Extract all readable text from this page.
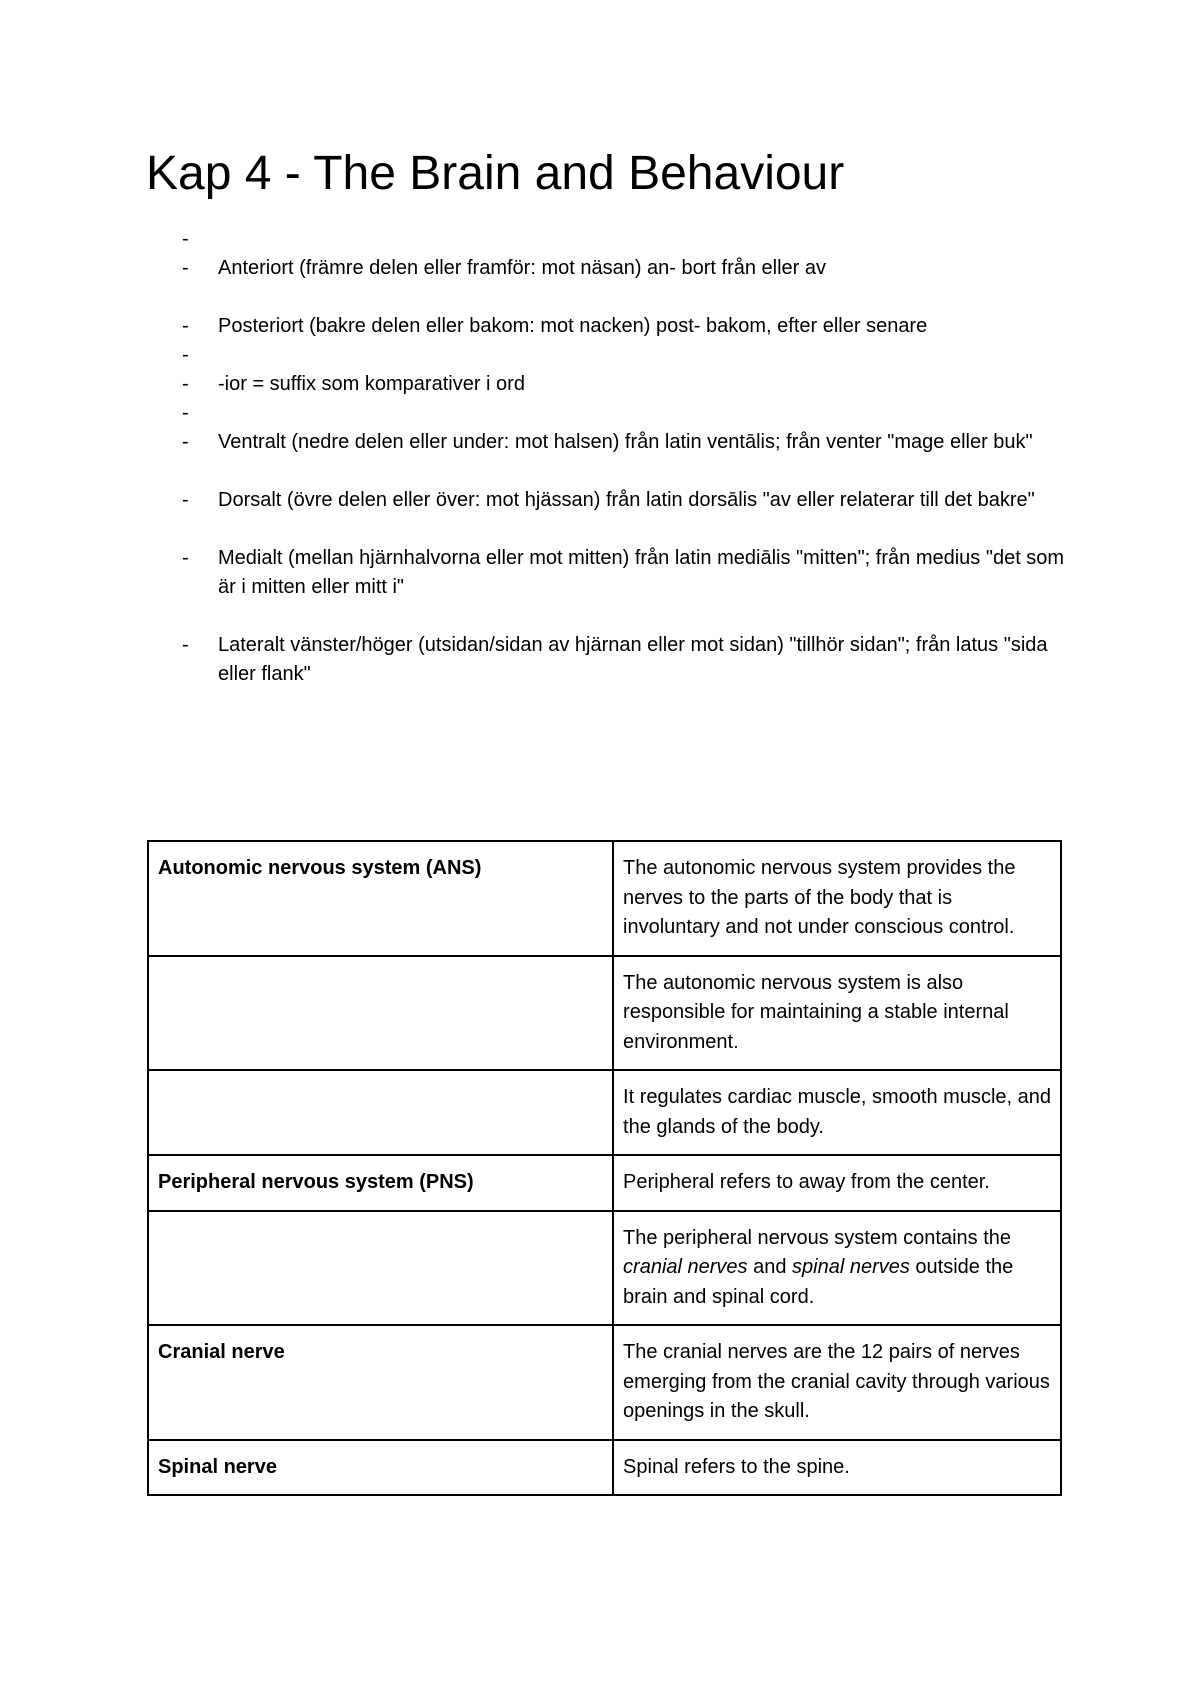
Kap 4 - The Brain and Behaviour
-

- Anteriort (främre delen eller framför: mot näsan) an- bort från eller av
- Posteriort (bakre delen eller bakom: mot nacken) post- bakom, efter eller senare
-

- -ior = suffix som komparativer i ord
-

- Ventralt (nedre delen eller under: mot halsen) från latin ventālis; från venter "mage eller buk"
- Dorsalt (övre delen eller över: mot hjässan) från latin dorsālis "av eller relaterar till det bakre"
- Medialt (mellan hjärnhalvorna eller mot mitten) från latin mediālis "mitten"; från medius "det som är i mitten eller mitt i"
- Lateralt vänster/höger (utsidan/sidan av hjärnan eller mot sidan) "tillhör sidan"; från latus "sida eller flank"
Autonomic nervous system (ANS)	The autonomic nervous system provides the nerves to the parts of the body that is involuntary and not under conscious control.
	The autonomic nervous system is also responsible for maintaining a stable internal environment.
	It regulates cardiac muscle, smooth muscle, and the glands of the body.
Peripheral nervous system (PNS)	Peripheral refers to away from the center.
	The peripheral nervous system contains the cranial nerves and spinal nerves outside the brain and spinal cord.
Cranial nerve	The cranial nerves are the 12 pairs of nerves emerging from the cranial cavity through various openings in the skull.
Spinal nerve	Spinal refers to the spine.
